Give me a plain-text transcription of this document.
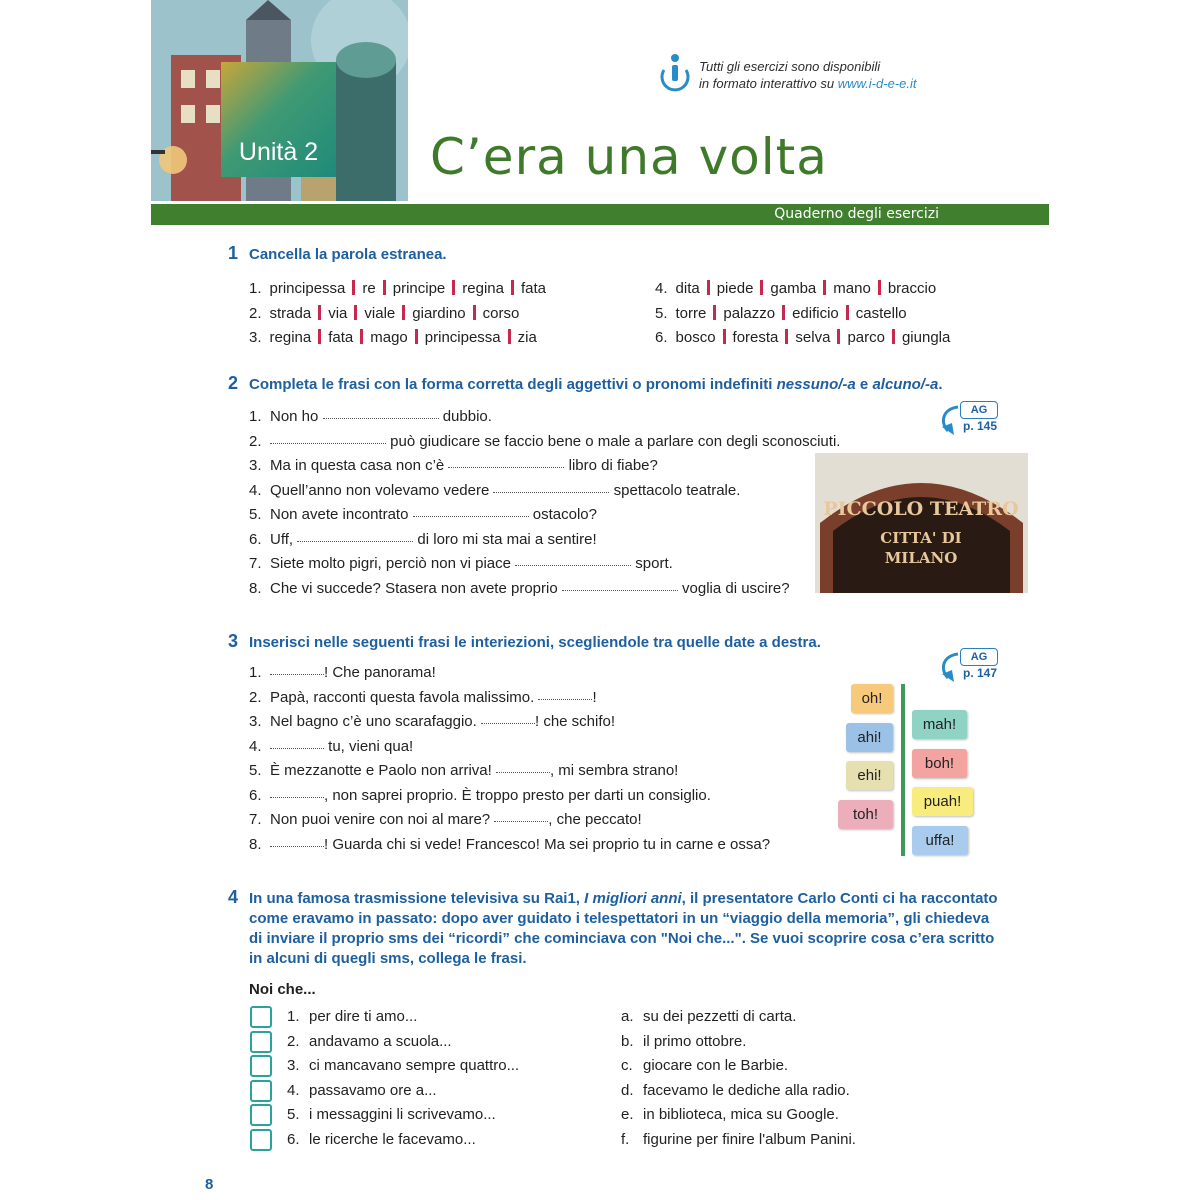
Unità 2	C’era una volta
Tutti gli esercizi sono disponibili
in formato interattivo su www.i-d-e-e.it
Quaderno degli esercizi
1 Cancella la parola estranea.
1. principessa re principe regina fata
2. strada via viale giardino corso
3. regina fata mago principessa zia
4. dita piede gamba mano braccio
5. torre palazzo edificio castello
6. bosco foresta selva parco giungla
2 Completa le frasi con la forma corretta degli aggettivi o pronomi indefiniti nessuno/-a e alcuno/-a.
AG
p. 145
1. Non ho	dubbio.
2.	può giudicare se faccio bene o male a parlare con degli sconosciuti.
3. Ma in questa casa non c’è	libro di fiabe?
4. Quell’anno non volevamo vedere	spettacolo teatrale.
5. Non avete incontrato	ostacolo?
6. Uff,	di loro mi sta mai a sentire!
7. Siete molto pigri, perciò non vi piace	sport.
8. Che vi succede? Stasera non avete proprio	voglia di uscire?
PICCOLO TEATRO
CITTA' DI
MILANO
3 Inserisci nelle seguenti frasi le interiezioni, scegliendole tra quelle date a destra.
AG
p. 147
1.	! Che panorama!
2. Papà, racconti questa favola malissimo.	!
3. Nel bagno c’è uno scarafaggio.	! che schifo!
4.	tu, vieni qua!
5. È mezzanotte e Paolo non arriva!	, mi sembra strano!
6.	, non saprei proprio. È troppo presto per darti un consiglio.
7. Non puoi venire con noi al mare?	, che peccato!
8.	! Guarda chi si vede! Francesco! Ma sei proprio tu in carne e ossa?
oh!
ahi!
ehi!
toh!
mah!
boh!
puah!
uffa!
4 In una famosa trasmissione televisiva su Rai1, I migliori anni, il presentatore Carlo Conti ci ha raccontato
come eravamo in passato: dopo aver guidato i telespettatori in un “viaggio della memoria”, gli chiedeva
di inviare il proprio sms dei “ricordi” che cominciava con "Noi che...". Se vuoi scoprire cosa c’era scritto
in alcuni di quegli sms, collega le frasi.
Noi che...
1. per dire ti amo...
2. andavamo a scuola...
3. ci mancavano sempre quattro...
4. passavamo ore a...
5. i messaggini li scrivevamo...
6. le ricerche le facevamo...
a. su dei pezzetti di carta.
b. il primo ottobre.
c. giocare con le Barbie.
d. facevamo le dediche alla radio.
e. in biblioteca, mica su Google.
f. figurine per finire l'album Panini.
8
